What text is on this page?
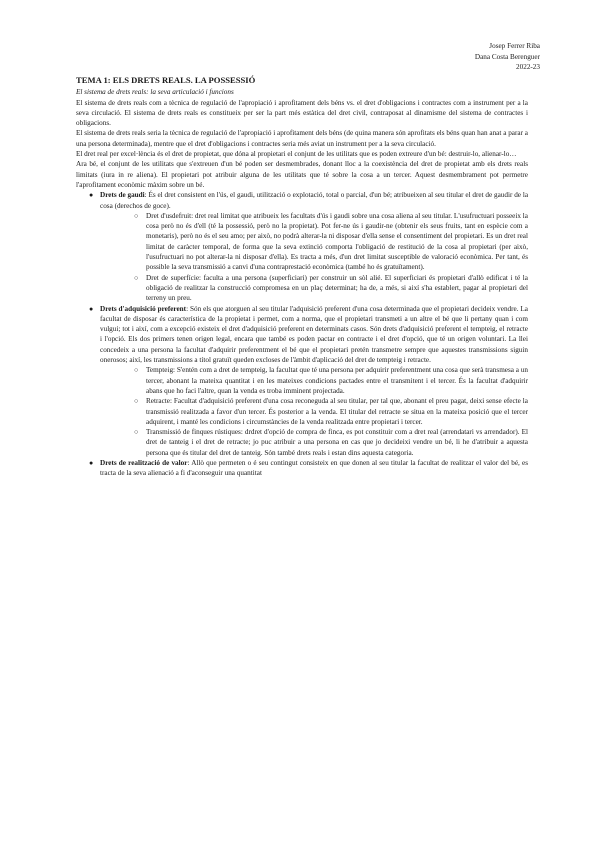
Josep Ferrer Riba
Dana Costa Berenguer
2022-23
TEMA 1: ELS DRETS REALS. LA POSSESSIÓ

El sistema de drets reals: la seva articulació i funcions

El sistema de drets reals com a tècnica de regulació de l'apropiació i aprofitament dels béns vs. el dret d'obligacions i contractes com a instrument per a la seva circulació. El sistema de drets reals es constitueix per ser la part més estàtica del dret civil, contraposat al dinamisme del sistema de contractes i obligacions.

El sistema de drets reals seria la tècnica de regulació de l'apropiació i aprofitament dels béns (de quina manera són aprofitats els béns quan han anat a parar a una persona determinada), mentre que el dret d'obligacions i contractes seria més aviat un instrument per a la seva circulació.

El dret real per excel·lència és el dret de propietat, que dóna al propietari el conjunt de les utilitats que es poden extreure d'un bé: destruir-lo, alienar-lo…

Ara bé, el conjunt de les utilitats que s'extreuen d'un bé poden ser desmembrades, donant lloc a la coexistència del dret de propietat amb els drets reals limitats (iura in re aliena). El propietari pot atribuir alguna de les utilitats que té sobre la cosa a un tercer. Aquest desmembrament pot permetre l'aprofitament econòmic màxim sobre un bé.

● Drets de gaudi: És el dret consistent en l'ús, el gaudi, utilització o explotació, total o parcial, d'un bé; atribueixen al seu titular el dret de gaudir de la cosa (derechos de goce).
○ Dret d'usdefruit: dret real limitat que atribueix les facultats d'ús i gaudi sobre una cosa aliena al seu titular. L'usufructuari posseeix la cosa però no és d'ell (té la possessió, però no la propietat). Pot fer-ne ús i gaudir-ne (obtenir els seus fruits, tant en espècie com a monetaris), però no és el seu amo; per això, no podrà alterar-la ni disposar d'ella sense el consentiment del propietari. Es un dret real limitat de caràcter temporal, de forma que la seva extinció comporta l'obligació de restitució de la cosa al propietari (per això, l'usufructuari no pot alterar-la ni disposar d'ella). Es tracta a més, d'un dret limitat susceptible de valoració econòmica. Per tant, és possible la seva transmissió a canvi d'una contraprestació econòmica (també ho és gratuïtament).
○ Dret de superfície: faculta a una persona (superficiari) per construir un sòl alié. El superficiari és propietari d'allò edificat i té la obligació de realitzar la construcció compromesa en un plaç determinat; ha de, a més, si així s'ha establert, pagar al propietari del terreny un preu.
● Drets d'adquisició preferent: Són els que atorguen al seu titular l'adquisició preferent d'una cosa determinada que el propietari decideix vendre. La facultat de disposar és característica de la propietat i permet, com a norma, que el propietari transmeti a un altre el bé que li pertany quan i com vulgui; tot i així, com a excepció existeix el dret d'adquisició preferent en determinats casos. Són drets d'adquisició preferent el tempteig, el retracte i l'opció. Els dos primers tenen origen legal, encara que també es poden pactar en contracte i el dret d'opció, que té un origen voluntari. La llei concedeix a una persona la facultat d'adquirir preferentment el bé que el propietari pretén transmetre sempre que aquestes transmissions siguin onerosos; així, les transmissions a títol gratuït queden excloses de l'àmbit d'aplicació del dret de tempteig i retracte.
○ Tempteig: S'entén com a dret de tempteig, la facultat que té una persona per adquirir preferentment una cosa que serà transmesa a un tercer, abonant la mateixa quantitat i en les mateixes condicions pactades entre el transmitent i el tercer. És la facultat d'adquirir abans que ho faci l'altre, quan la venda es troba imminent projectada.
○ Retracte: Facultat d'adquisició preferent d'una cosa reconeguda al seu titular, per tal que, abonant el preu pagat, deixi sense efecte la transmissió realitzada a favor d'un tercer. És posterior a la venda. El titular del retracte se situa en la mateixa posició que el tercer adquirent, i manté les condicions i circumstàncies de la venda realitzada entre propietari i tercer.
○ Transmissió de finques rústiques: drdret d'opció de compra de finca, es pot constituir com a dret real (arrendatari vs arrendador). El dret de tanteig i el dret de retracte; jo puc atribuir a una persona en cas que jo decideixi vendre un bé, li he d'atribuir a aquesta persona que és titular del dret de tanteig. Són també drets reals i estan dins aquesta categoria.
● Drets de realització de valor: Allò que permeten o é seu contingut consisteix en que donen al seu titular la facultat de realitzar el valor del bé, es tracta de la seva alienació a fi d'aconseguir una quantitat
